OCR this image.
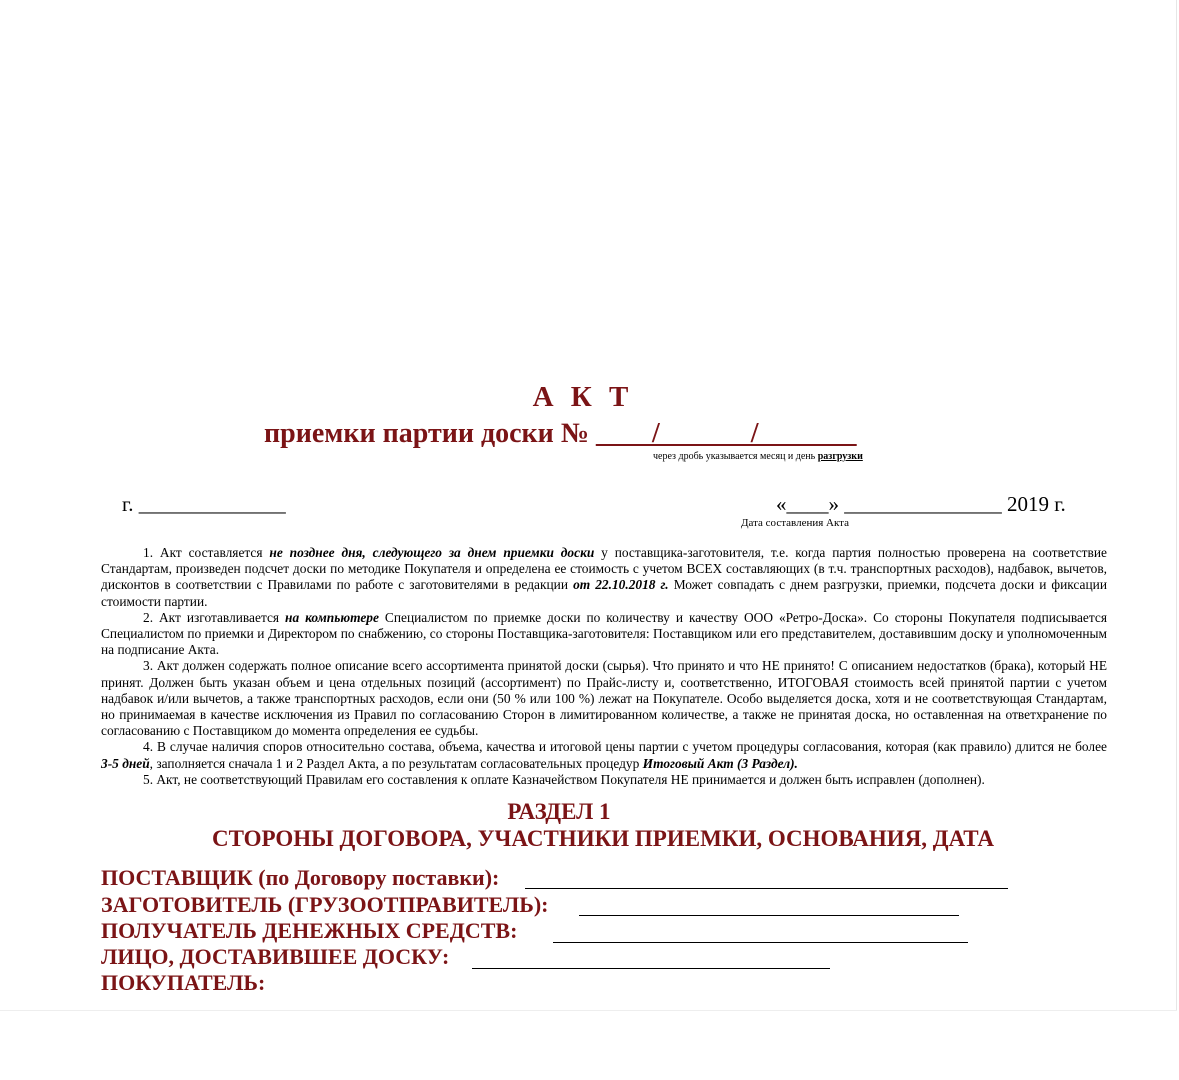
А К Т
приемки партии доски № ____/______ /_______
через дробь указывается месяц и день разгрузки
г. ______________	«____» _______________ 2019 г.
Дата составления Акта

1. Акт составляется не позднее дня, следующего за днем приемки доски у поставщика-заготовителя, т.е. когда партия полностью проверена на соответствие Стандартам, произведен подсчет доски по методике Покупателя и определена ее стоимость с учетом ВСЕХ составляющих (в т.ч. транспортных расходов), надбавок, вычетов, дисконтов в соответствии с Правилами по работе с заготовителями в редакции от 22.10.2018 г. Может совпадать с днем разгрузки, приемки, подсчета доски и фиксации стоимости партии.

2. Акт изготавливается на компьютере Специалистом по приемке доски по количеству и качеству ООО «Ретро-Доска». Со стороны Покупателя подписывается Специалистом по приемки и Директором по снабжению, со стороны Поставщика-заготовителя: Поставщиком или его представителем, доставившим доску и уполномоченным на подписание Акта.

3. Акт должен содержать полное описание всего ассортимента принятой доски (сырья). Что принято и что НЕ принято! С описанием недостатков (брака), который НЕ принят. Должен быть указан объем и цена отдельных позиций (ассортимент) по Прайс-листу и, соответственно, ИТОГОВАЯ стоимость всей принятой партии с учетом надбавок и/или вычетов, а также транспортных расходов, если они (50 % или 100 %) лежат на Покупателе. Особо выделяется доска, хотя и не соответствующая Стандартам, но принимаемая в качестве исключения из Правил по согласованию Сторон в лимитированном количестве, а также не принятая доска, но оставленная на ответхранение по согласованию с Поставщиком до момента определения ее судьбы.

4. В случае наличия споров относительно состава, объема, качества и итоговой цены партии с учетом процедуры согласования, которая (как правило) длится не более 3-5 дней, заполняется сначала 1 и 2 Раздел Акта, а по результатам согласовательных процедур Итоговый Акт (3 Раздел).

5. Акт, не соответствующий Правилам его составления к оплате Казначейством Покупателя НЕ принимается и должен быть исправлен (дополнен).

РАЗДЕЛ 1
СТОРОНЫ ДОГОВОРА, УЧАСТНИКИ ПРИЕМКИ, ОСНОВАНИЯ, ДАТА
ПОСТАВЩИК (по Договору поставки):
ЗАГОТОВИТЕЛЬ (ГРУЗООТПРАВИТЕЛЬ):
ПОЛУЧАТЕЛЬ ДЕНЕЖНЫХ СРЕДСТВ:
ЛИЦО, ДОСТАВИВШЕЕ ДОСКУ:
ПОКУПАТЕЛЬ:
